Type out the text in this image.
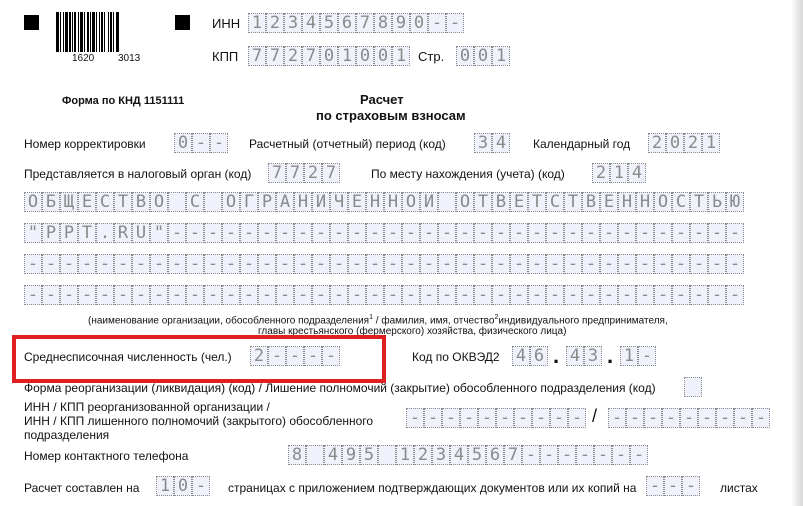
1620 3013
ИНН 1 2 3 4 5 6 7 8 9 0 - -
КПП 7 7 2 7 0 1 0 0 1 Стр. 0 0 1
Форма по КНД 1151111	Расчет
по страховым взносам
Номер корректировки 0 - -	Расчетный (отчетный) период (код) 3 4	Календарный год 2 0 2 1
Представляется в налоговый орган (код) 7 7 2 7	По месту нахождения (учета) (код) 2 1 4
О Б Щ Е С Т В О С О Г Р А Н И Ч Е Н Н О Й О Т В Е Т С Т В Е Н Н О С Т Ь Ю
" P P T . R U " - - - - - - - - - - - - - - - - - - - - - - - - - - - - - - - -
- - - - - - - - - - - - - - - - - - - - - - - - - - - - - - - - - - - - - - - -
- - - - - - - - - - - - - - - - - - - - - - - - - - - - - - - - - - - - - - - -
(наименование организации, обособленного подразделения$^1$ / фамилия, имя, отчество$^2$индивидуального предпринимателя,
главы крестьянского (фермерского) хозяйства, физического лица)
Среднесписочная численность (чел.) 2 - - - -	Код по ОКВЭД2 4 6 . 4 3 . 1 -
Форма реорганизации (ликвидация) (код) / Лишение полномочий (закрытие) обособленного подразделения (код)
ИНН / КПП реорганизованной организации /
ИНН / КПП лишенного полномочий (закрытого) обособленного
подразделения
- - - - - - - - - - / - - - - - - - - -
Номер контактного телефона	8 4 9 5 1 2 3 4 5 6 7 - - - - - - -
Расчет составлен на 1 0 -	страницах с приложением подтверждающих документов или их копий на - - -	листах
